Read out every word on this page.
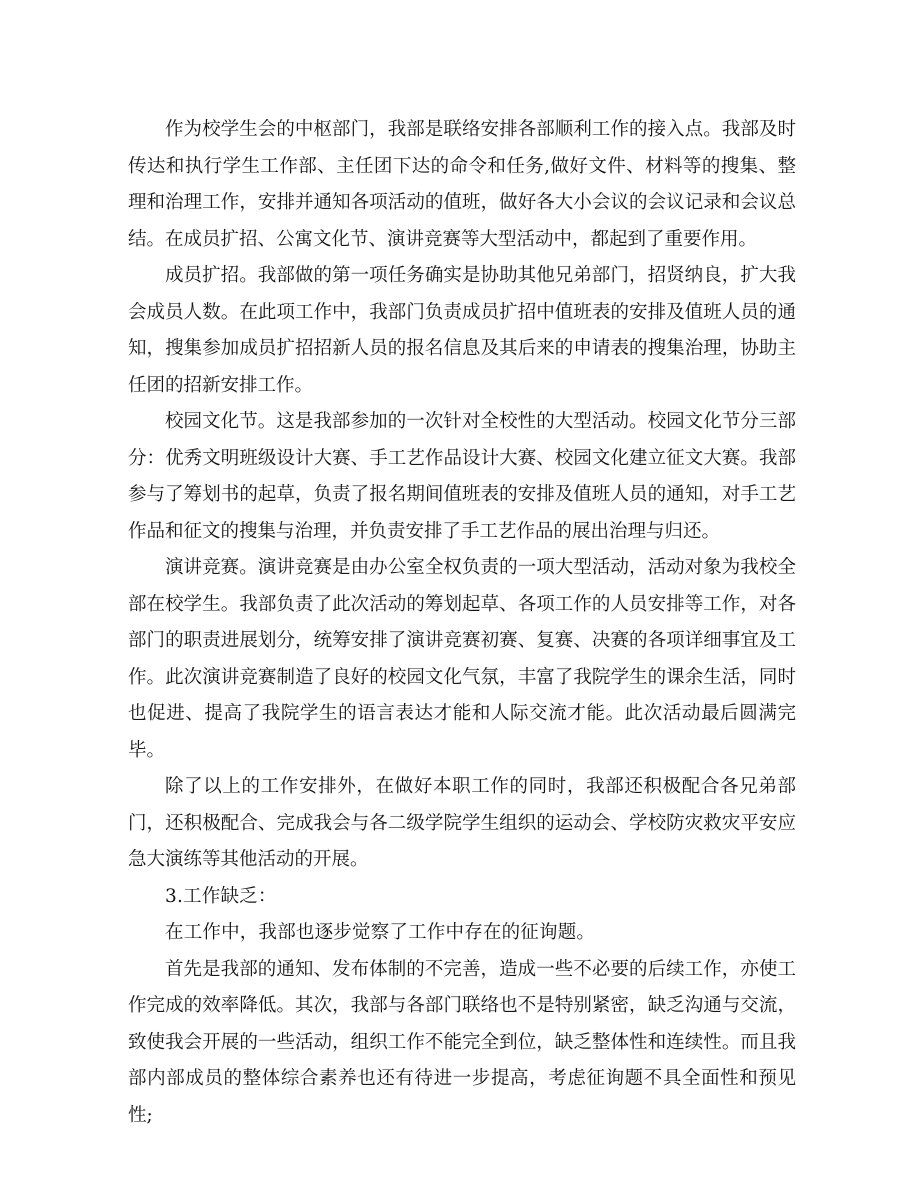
作为校学生会的中枢部门，我部是联络安排各部顺利工作的接入点。我部及时传达和执行学生工作部、主任团下达的命令和任务,做好文件、材料等的搜集、整理和治理工作，安排并通知各项活动的值班，做好各大小会议的会议记录和会议总结。在成员扩招、公寓文化节、演讲竞赛等大型活动中，都起到了重要作用。

成员扩招。我部做的第一项任务确实是协助其他兄弟部门，招贤纳良，扩大我会成员人数。在此项工作中，我部门负责成员扩招中值班表的安排及值班人员的通知，搜集参加成员扩招招新人员的报名信息及其后来的申请表的搜集治理，协助主任团的招新安排工作。

校园文化节。这是我部参加的一次针对全校性的大型活动。校园文化节分三部分：优秀文明班级设计大赛、手工艺作品设计大赛、校园文化建立征文大赛。我部参与了筹划书的起草，负责了报名期间值班表的安排及值班人员的通知，对手工艺作品和征文的搜集与治理，并负责安排了手工艺作品的展出治理与归还。

演讲竞赛。演讲竞赛是由办公室全权负责的一项大型活动，活动对象为我校全部在校学生。我部负责了此次活动的筹划起草、各项工作的人员安排等工作，对各部门的职责进展划分，统筹安排了演讲竞赛初赛、复赛、决赛的各项详细事宜及工作。此次演讲竞赛制造了良好的校园文化气氛，丰富了我院学生的课余生活，同时也促进、提高了我院学生的语言表达才能和人际交流才能。此次活动最后圆满完毕。

除了以上的工作安排外，在做好本职工作的同时，我部还积极配合各兄弟部门，还积极配合、完成我会与各二级学院学生组织的运动会、学校防灾救灾平安应急大演练等其他活动的开展。

3.工作缺乏：

在工作中，我部也逐步觉察了工作中存在的征询题。

首先是我部的通知、发布体制的不完善，造成一些不必要的后续工作，亦使工作完成的效率降低。其次，我部与各部门联络也不是特别紧密，缺乏沟通与交流，致使我会开展的一些活动，组织工作不能完全到位，缺乏整体性和连续性。而且我部内部成员的整体综合素养也还有待进一步提高，考虑征询题不具全面性和预见性;
